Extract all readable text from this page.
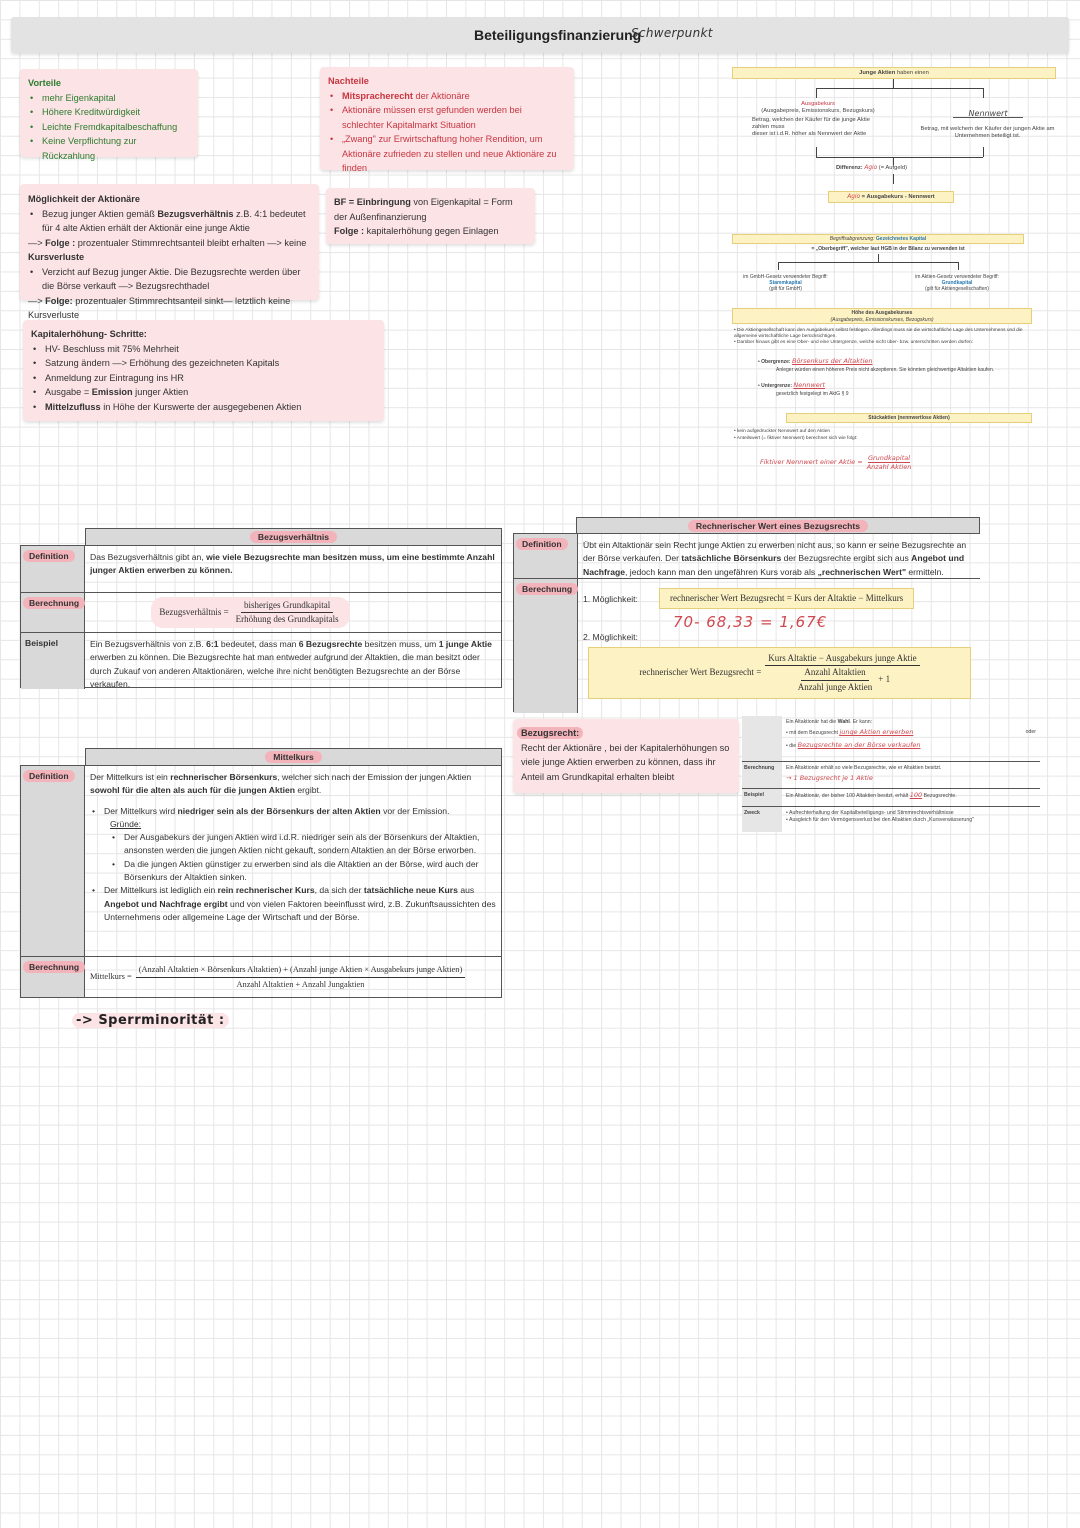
Beteiligungsfinanzierung
Schwerpunkt
Vorteile
• mehr Eigenkapital
• Höhere Kreditwürdigkeit
• Leichte Fremdkapitalbeschaffung
• Keine Verpflichtung zur Rückzahlung
Nachteile
• Mitspracherecht der Aktionäre
• Aktionäre müssen erst gefunden werden bei schlechter Kapitalmarkt Situation
• „Zwang" zur Erwirtschaftung hoher Rendition, um Aktionäre zufrieden zu stellen und neue Aktionäre zu finden
Möglichkeit der Aktionäre
• Bezug junger Aktien gemäß Bezugsverhältnis z.B. 4:1 bedeutet für 4 alte Aktien erhält der Aktionär eine junge Aktie
—> Folge : prozentualer Stimmrechtsanteil bleibt erhalten —> keine Kursverluste
• Verzicht auf Bezug junger Aktie. Die Bezugsrechte werden über die Börse verkauft —> Bezugsrechthadel
—> Folge: prozentualer Stimmrechtsanteil sinkt— letztlich keine Kursverluste
BF = Einbringung von Eigenkapital = Form der Außenfinanzierung
Folge : kapitalerhöhung gegen Einlagen
Kapitalerhöhung- Schritte:
• HV- Beschluss mit 75% Mehrheit
• Satzung ändern —> Erhöhung des gezeichneten Kapitals
• Anmeldung zur Eintragung ins HR
• Ausgabe = Emission junger Aktien
• Mittelzufluss in Höhe der Kurswerte der ausgegebenen Aktien
Junge Aktien haben einen
Ausgabekurs
(Ausgabepreis, Emissionskurs, Bezugskurs)
Betrag, welchen der Käufer für die junge Aktie zahlen muss
dieser ist i.d.R. höher als Nennwert der Aktie
Nennwert
Betrag, mit welchem der Käufer der jungen Aktie am Unternehmen beteiligt ist.
Differenz: Agio (= Aufgeld)
Agio = Ausgabekurs - Nennwert
Begriffsabgrenzung: Gezeichnetes Kapital
= „Oberbegriff", welcher laut HGB in der Bilanz zu verwenden ist
im GmbH-Gesetz verwendeter Begriff:
Stammkapital
(gilt für GmbH)
im Aktien-Gesetz verwendeter Begriff:
Grundkapital
(gilt für Aktiengesellschaften)
Höhe des Ausgabekurses
(Ausgabepreis, Emissionskurses, Bezugskurs)
• Die Aktiengesellschaft kann den Ausgabekurs selbst festlegen. Allerdings muss sie die wirtschaftliche Lage des Unternehmens und die allgemeine wirtschaftliche Lage berücksichtigen.
• Darüber hinaus gibt es eine Ober- und eine Untergrenze, welche nicht über- bzw. unterschritten werden dürfen:
• Obergrenze: Börsenkurs der Altaktien
Anleger würden einen höheren Preis nicht akzeptieren. Sie könnten gleichwertige Altaktien kaufen.
• Untergrenze: Nennwert
gesetzlich festgelegt im AktG § 9
Stückaktien (nennwertlose Aktien)
• kein aufgedruckter Nennwert auf den Aktien
• Anteilswert (= fiktiver Nennwert) berechnet sich wie folgt:
Fiktiver Nennwert einer Aktie = Grundkapital
Anzahl Aktien
Bezugsverhältnis
Definition	Das Bezugsverhältnis gibt an, wie viele Bezugsrechte man besitzen muss, um eine bestimmte Anzahl junger Aktien erwerben zu können.
Berechnung
Bezugsverhältnis = $\frac{\text{bisheriges Grundkapital}}{\text{Erhöhung des Grundkapitals}}$
Beispiel	Ein Bezugsverhältnis von z.B. 6:1 bedeutet, dass man 6 Bezugsrechte besitzen muss, um 1 junge Aktie erwerben zu können. Die Bezugsrechte hat man entweder aufgrund der Altaktien, die man besitzt oder durch Zukauf von anderen Altaktionären, welche ihre nicht benötigten Bezugsrechte an der Börse verkaufen.
Rechnerischer Wert eines Bezugsrechts
Definition	Übt ein Altaktionär sein Recht junge Aktien zu erwerben nicht aus, so kann er seine Bezugsrechte an der Börse verkaufen. Der tatsächliche Börsenkurs der Bezugsrechte ergibt sich aus Angebot und Nachfrage, jedoch kann man den ungefähren Kurs vorab als „rechnerischen Wert" ermitteln.
Berechnung
1. Möglichkeit:	rechnerischer Wert Bezugsrecht = Kurs der Altaktie − Mittelkurs
70- 68,33 = 1,67€
2. Möglichkeit:
rechnerischer Wert Bezugsrecht = $\frac{\text{Kurs Altaktie − Ausgabekurs junge Aktie}}{\frac{\text{Anzahl Altaktien}}{\text{Anzahl junge Aktien}} + 1}$
Bezugsrecht:
Recht der Aktionäre , bei der Kapitalerhöhungen so viele junge Aktien erwerben zu können, dass ihr Anteil am Grundkapital erhalten bleibt
Ein Altaktionär hat die Wahl. Er kann:
• mit dem Bezugsrecht junge Aktien erwerben	oder
• die Bezugsrechte an der Börse verkaufen
Berechnung Ein Altaktionär erhält so viele Bezugsrechte, wie er Altaktien besitzt.
→ 1 Bezugsrecht je 1 Aktie
Beispiel	Ein Altaktionär, der bisher 100 Altaktien besitzt, erhält 100 Bezugsrechte.
Zweck	• Aufrechterhaltung der Kapitalbeteiligungs- und Stimmrechtsverhältnisse
• Ausgleich für den Vermögensverlust bei den Altaktien durch „Kursverwässerung"
Mittelkurs
Definition	Der Mittelkurs ist ein rechnerischer Börsenkurs, welcher sich nach der Emission der jungen Aktien sowohl für die alten als auch für die jungen Aktien ergibt.
• Der Mittelkurs wird niedriger sein als der Börsenkurs der alten Aktien vor der Emission.
Gründe:
• Der Ausgabekurs der jungen Aktien wird i.d.R. niedriger sein als der Börsenkurs der Altaktien, ansonsten werden die jungen Aktien nicht gekauft, sondern Altaktien an der Börse erworben.
• Da die jungen Aktien günstiger zu erwerben sind als die Altaktien an der Börse, wird auch der Börsenkurs der Altaktien sinken.
• Der Mittelkurs ist lediglich ein rein rechnerischer Kurs, da sich der tatsächliche neue Kurs aus Angebot und Nachfrage ergibt und von vielen Faktoren beeinflusst wird, z.B. Zukunftsaussichten des Unternehmens oder allgemeine Lage der Wirtschaft und der Börse.
Berechnung
Mittelkurs =
(Anzahl Altaktien × Börsenkurs Altaktien) + (Anzahl junge Aktien × Ausgabekurs junge Aktien)
Anzahl Altaktien + Anzahl Jungaktien
-> Sperrminorität :
